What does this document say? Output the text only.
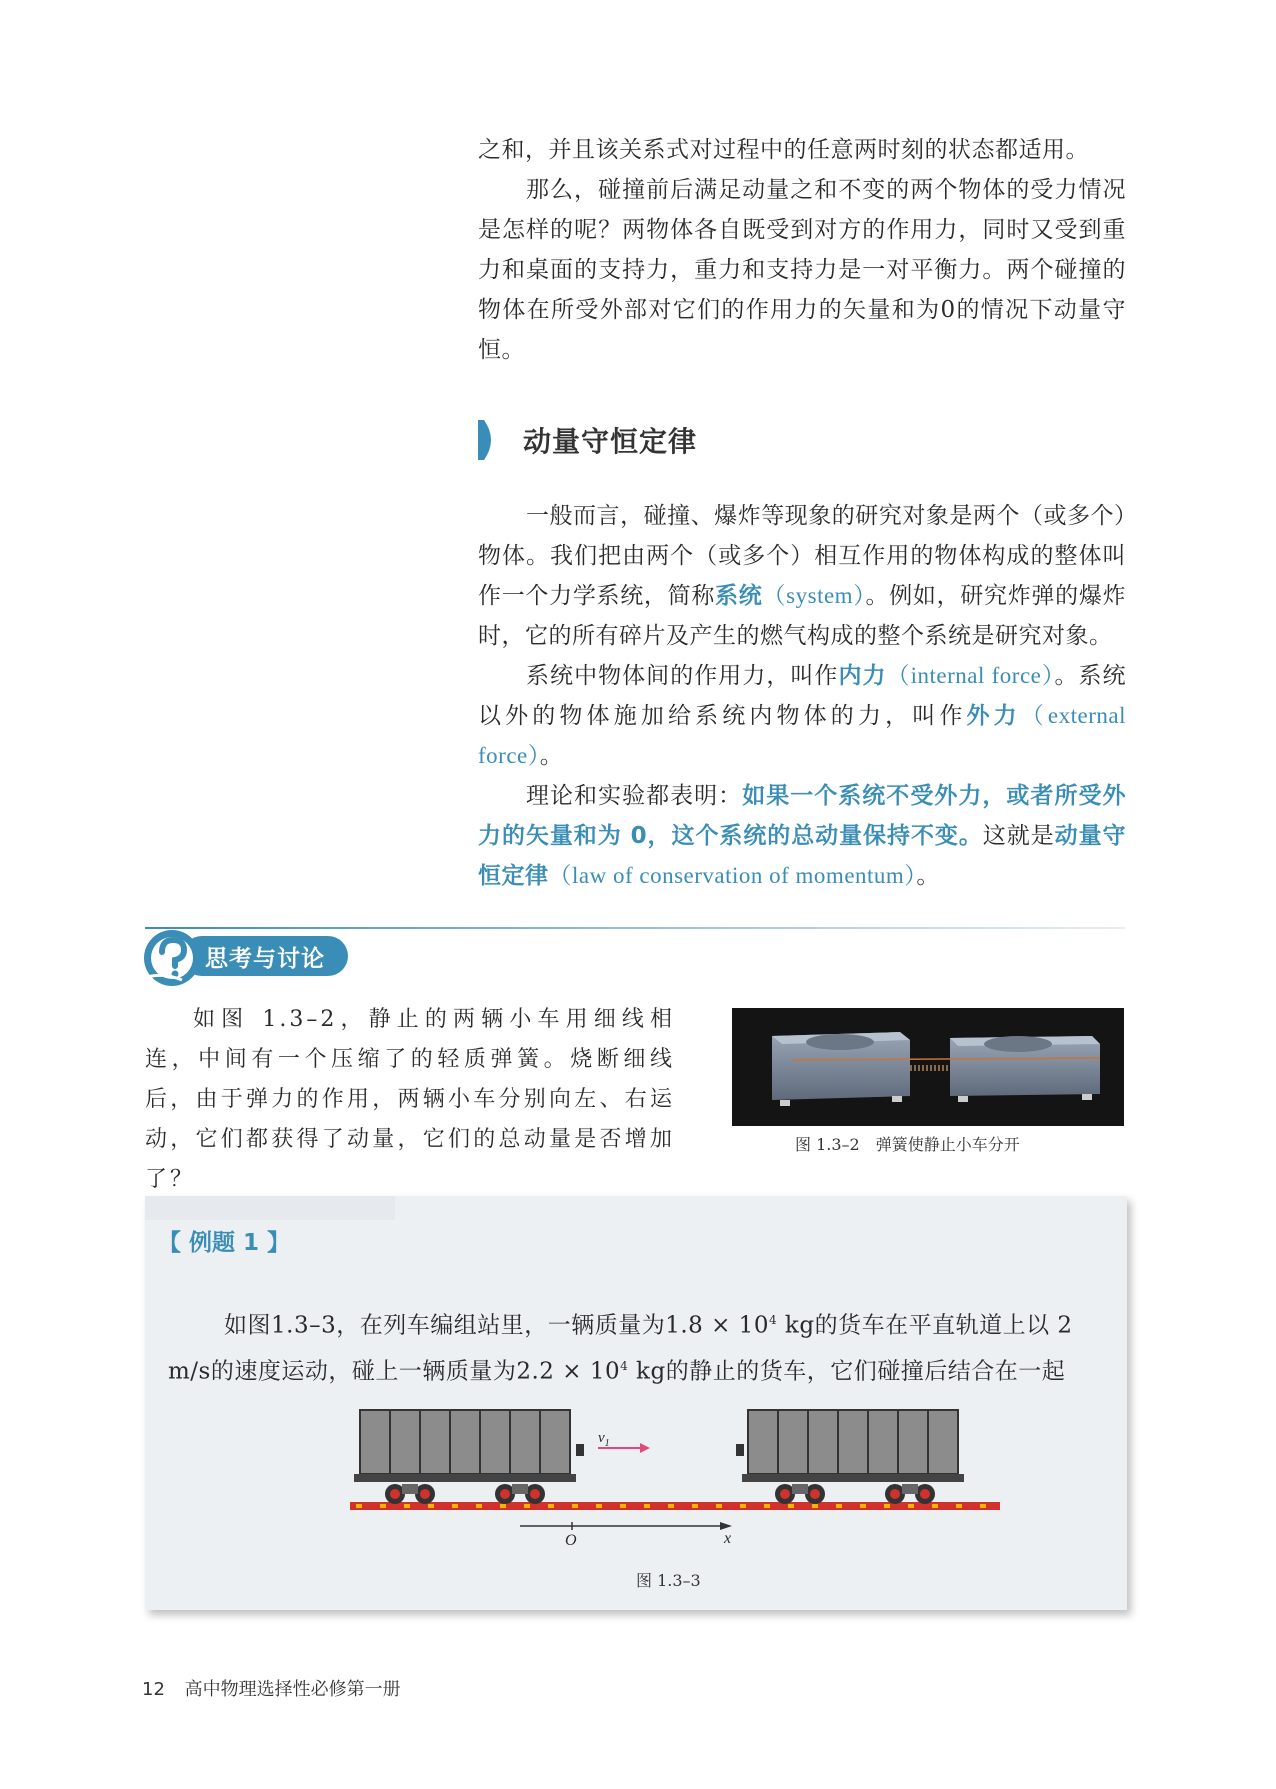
之和，并且该关系式对过程中的任意两时刻的状态都适用。

那么，碰撞前后满足动量之和不变的两个物体的受力情况是怎样的呢？两物体各自既受到对方的作用力，同时又受到重力和桌面的支持力，重力和支持力是一对平衡力。两个碰撞的物体在所受外部对它们的作用力的矢量和为0的情况下动量守恒。

动量守恒定律

一般而言，碰撞、爆炸等现象的研究对象是两个（或多个）物体。我们把由两个（或多个）相互作用的物体构成的整体叫作一个力学系统，简称系统（system）。例如，研究炸弹的爆炸时，它的所有碎片及产生的燃气构成的整个系统是研究对象。

系统中物体间的作用力，叫作内力（internal force）。系统以外的物体施加给系统内物体的力，叫作外力（external force）。

理论和实验都表明：如果一个系统不受外力，或者所受外力的矢量和为 0，这个系统的总动量保持不变。这就是动量守恒定律（law of conservation of momentum）。

思考与讨论

如图 1.3–2，静止的两辆小车用细线相连，中间有一个压缩了的轻质弹簧。烧断细线后，由于弹力的作用，两辆小车分别向左、右运动，它们都获得了动量，它们的总动量是否增加了？

图 1.3–2　弹簧使静止小车分开
【 例题 1 】

如图1.3–3，在列车编组站里，一辆质量为$1.8 \times 10^4$ kg的货车在平直轨道上以 2 m/s的速度运动，碰上一辆质量为$2.2 \times 10^4$ kg的静止的货车，它们碰撞后结合在一起

$v_1$
O	x
图 1.3–3
12 高中物理选择性必修第一册
